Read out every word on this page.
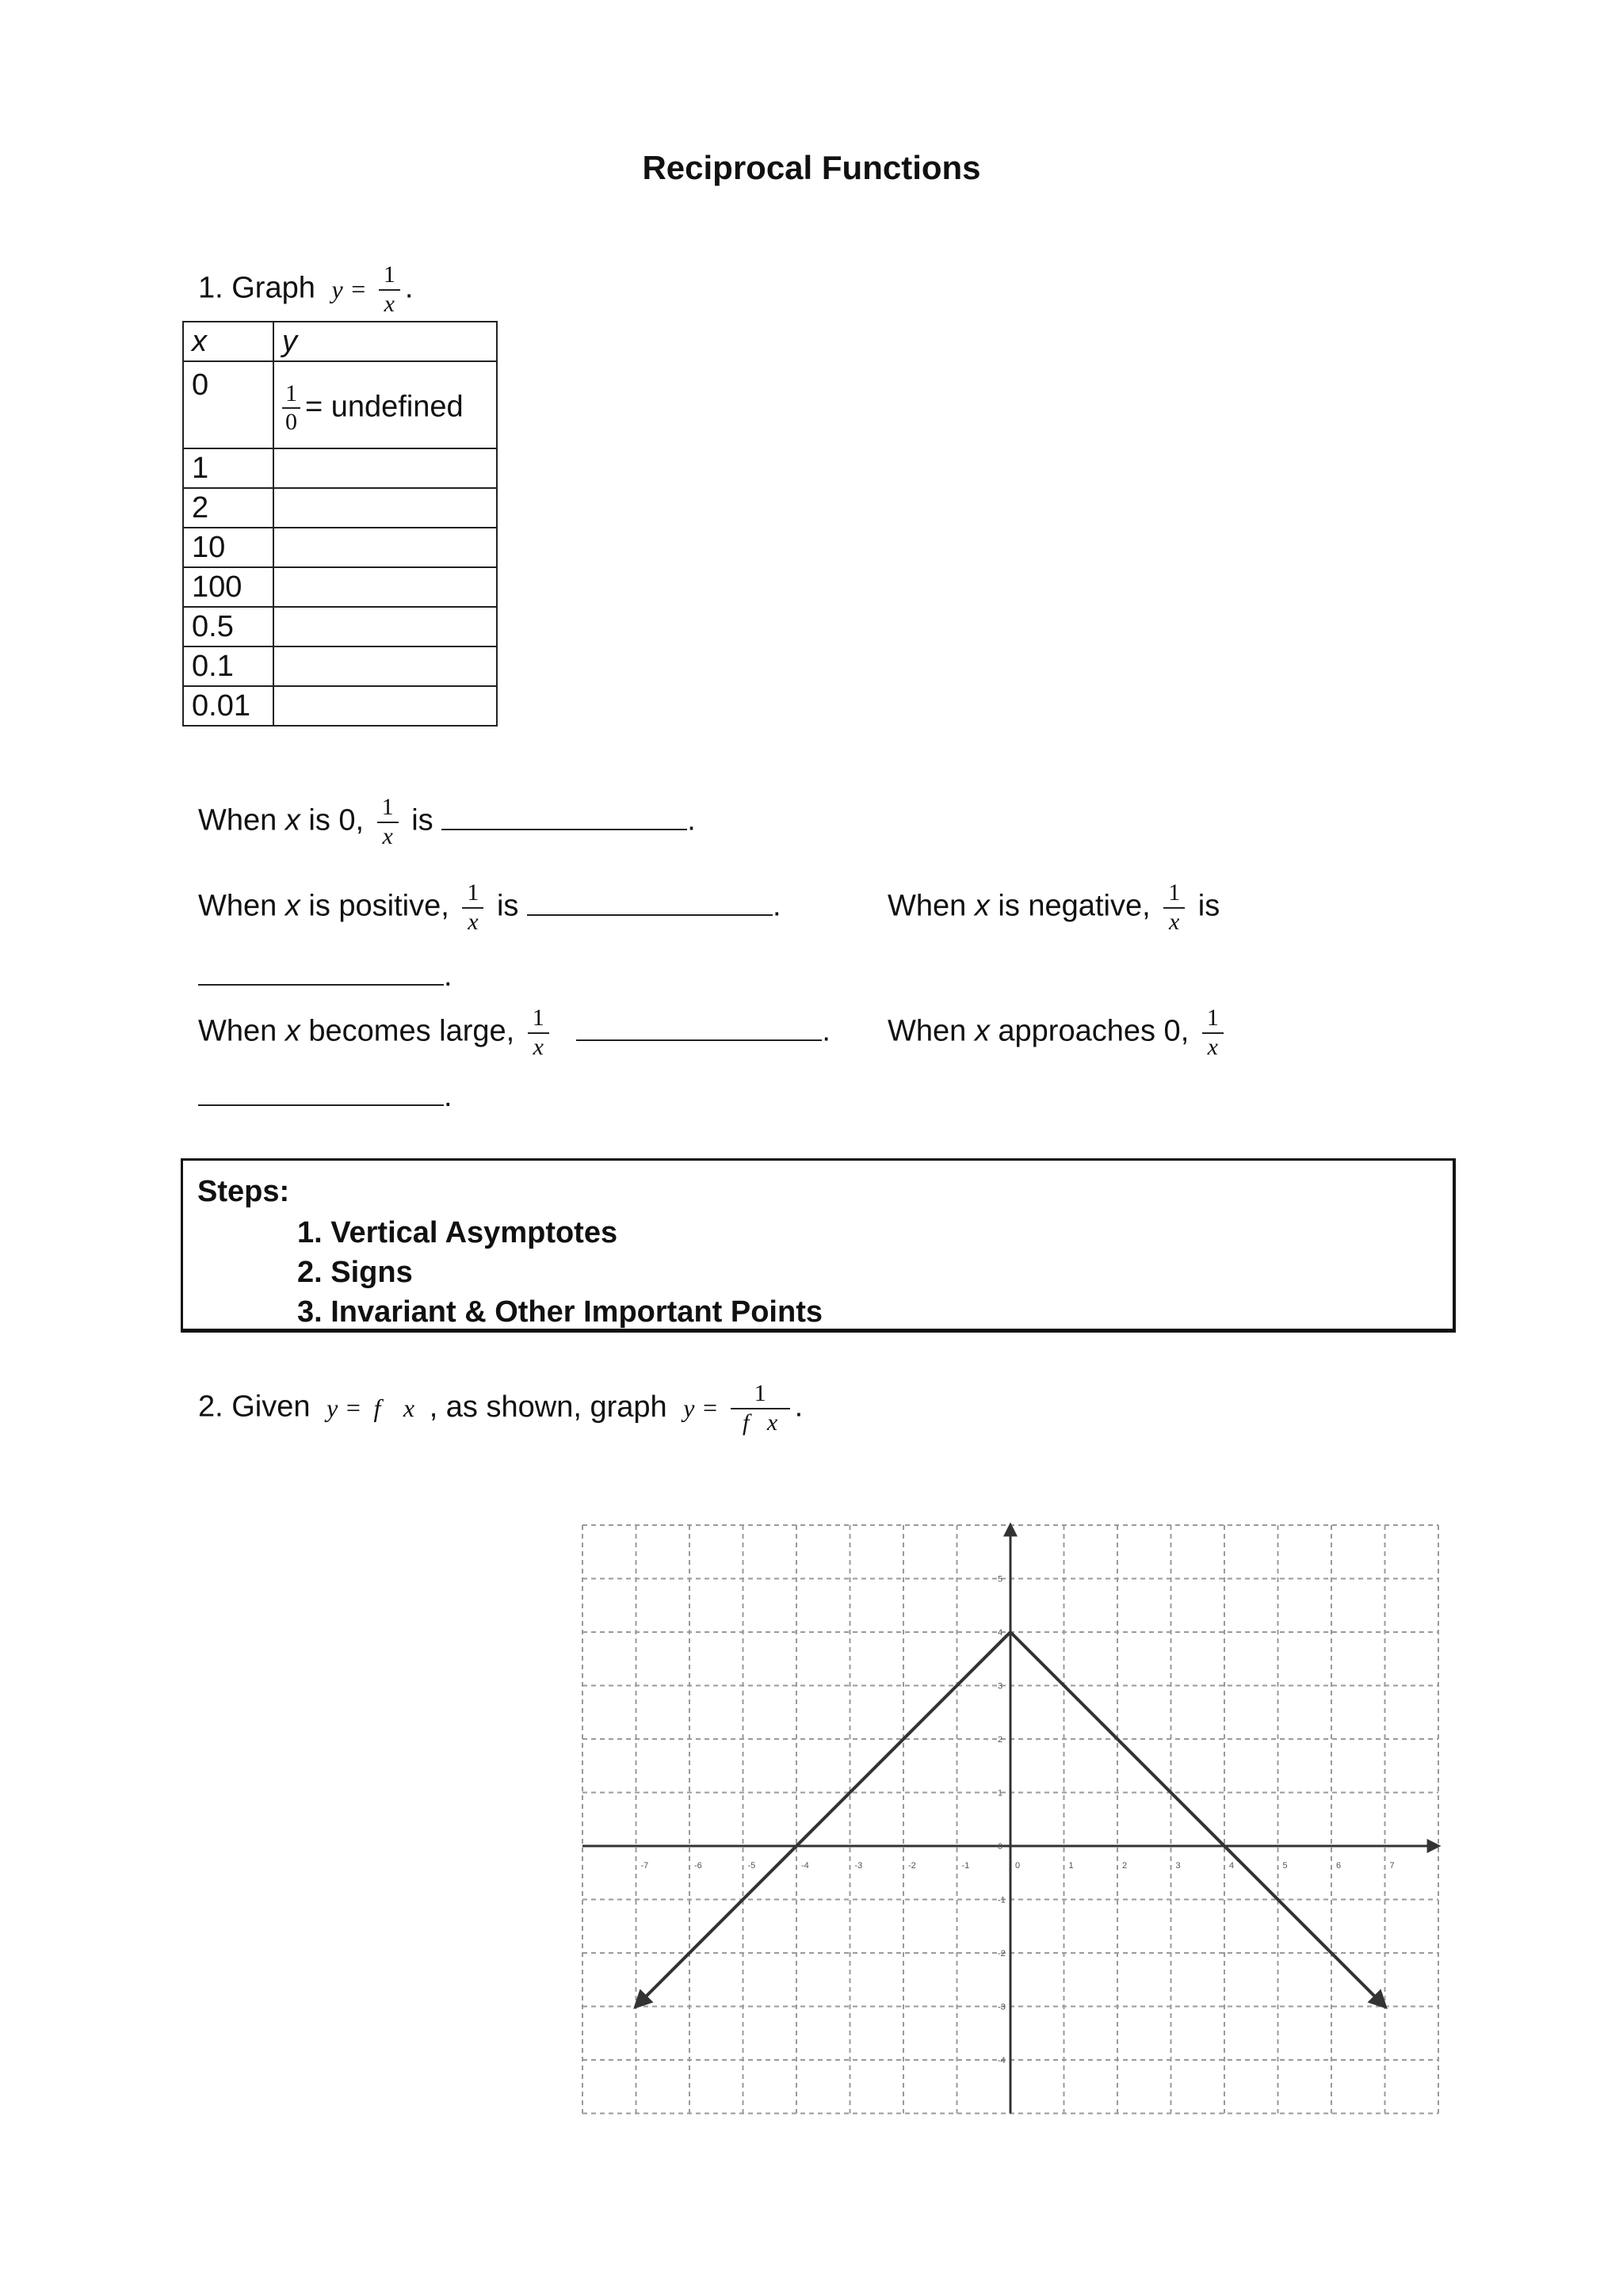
Reciprocal Functions
1. Graph $y = \frac{1}{x}$ .
x	y
0	$\frac{1}{0}$ = undefined
1	
2	
10	
100	
0.5	
0.1	
0.01	
When x is 0, $\frac{1}{x}$ is	.
When x is positive, $\frac{1}{x}$ is	.	When x is negative, $\frac{1}{x}$ is
.
When x becomes large, $\frac{1}{x}$	. When x approaches 0, $\frac{1}{x}$
.
Steps:
1. Vertical Asymptotes
2. Signs
3. Invariant & Other Important Points
2. Given y = f x , as shown, graph $y = \frac{1}{\text{f   x}}$ .
-7	-6	-5	-4	-3	-2	-1	0	1	2	3	4	5	6	7
5
4
3
2
1
0
-1
-2
-3
-4
